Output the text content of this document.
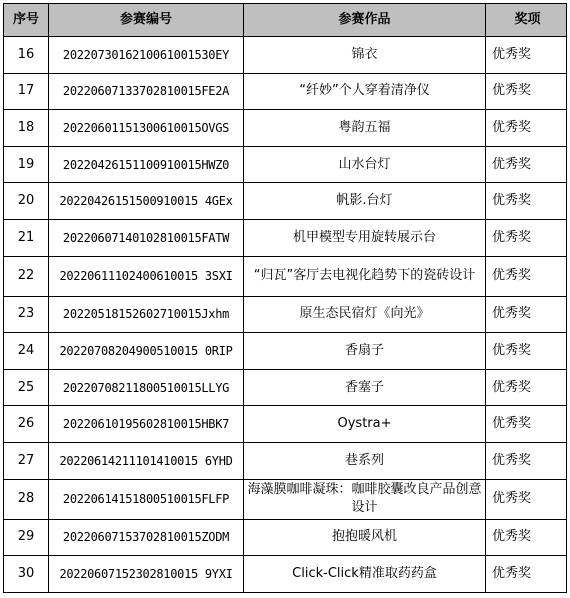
序号	参赛编号	参赛作品	奖项
16	2022073016210061001530EY	锦衣	优秀奖
17	20220607133702810015FE2A	“纤妙”个人穿着清净仪	优秀奖
18	20220601151300610015OVGS	粤韵五福	优秀奖
19	20220426151100910015HWZ0	山水台灯	优秀奖
20	20220426151500910015 4GEx	帆影.台灯	优秀奖
21	20220607140102810015FATW	机甲模型专用旋转展示台	优秀奖
22	20220611102400610015 3SXI	“归瓦”客厅去电视化趋势下的瓷砖设计	优秀奖
23	20220518152602710015Jxhm	原生态民宿灯《向光》	优秀奖
24	20220708204900510015 0RIP	香扇子	优秀奖
25	20220708211800510015LLYG	香塞子	优秀奖
26	20220610195602810015HBK7	Oystra+	优秀奖
27	20220614211101410015 6YHD	巷系列	优秀奖
28	20220614151800510015FLFP	海藻膜咖啡凝珠：咖啡胶囊改良产品创意设计	优秀奖
29	20220607153702810015ZODM	抱抱暖风机	优秀奖
30	20220607152302810015 9YXI	Click-Click精准取药药盒	优秀奖
